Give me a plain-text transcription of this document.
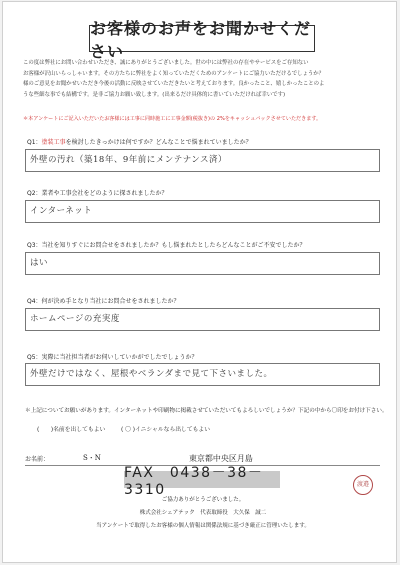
お客様のお声をお聞かせください
この度は弊社にお問い合わせいただき、誠にありがとうございました。世の中には弊社の存在やサービスをご存知ない
お客様が沢山いらっしゃいます。その方たちに弊社をよく知っていただくためのアンケートにご協力いただけるでしょうか？
様のご意見をお聞かせいただき今後の活動に反映させていただきたいと考えております。良かったこと、嬉しかったことのよ
うな些細な事でも結構です。是非ご協力お願い致します。(出来るだけ具体的に書いていただければ幸いです)
＊本アンケートにご記入いただいたお客様には工事に同時施工に工事金額(税抜き)の 2%をキャッシュバックさせていただきます。
Q1：塗装工事を検討したきっかけは何ですか？どんなことで悩まれていましたか？
外壁の汚れ（築18年、9年前にメンテナンス済）
Q2：業者や工事会社をどのように探されましたか？
インターネット
Q3：当社を知りすぐにお問合せをされましたか？もし悩まれたとしたらどんなことがご不安でしたか？
はい
Q4：何が決め手となり当社にお問合せをされましたか？
ホームページの充実度
Q5：実際に当社担当者がお伺いしていかがでしたでしょうか？
外壁だけではなく、屋根やベランダまで見て下さいました。
＊上記についてお願いがあります。インターネットや印刷物に掲載させていただいてもよろしいでしょうか？下記の中から〇印をお付け下さい。
(　　)名前を出してもよい	( 〇 )イニシャルなら出してもよい
お名前：	S・N	東京都中央区月島
FAX　0438－38－3310	渡邉
ご協力ありがとうございました。
株式会社シェアテック　代表取締役　大久保　誠二
当アンケートで取得したお客様の個人情報は関係法規に基づき厳正に管理いたします。
